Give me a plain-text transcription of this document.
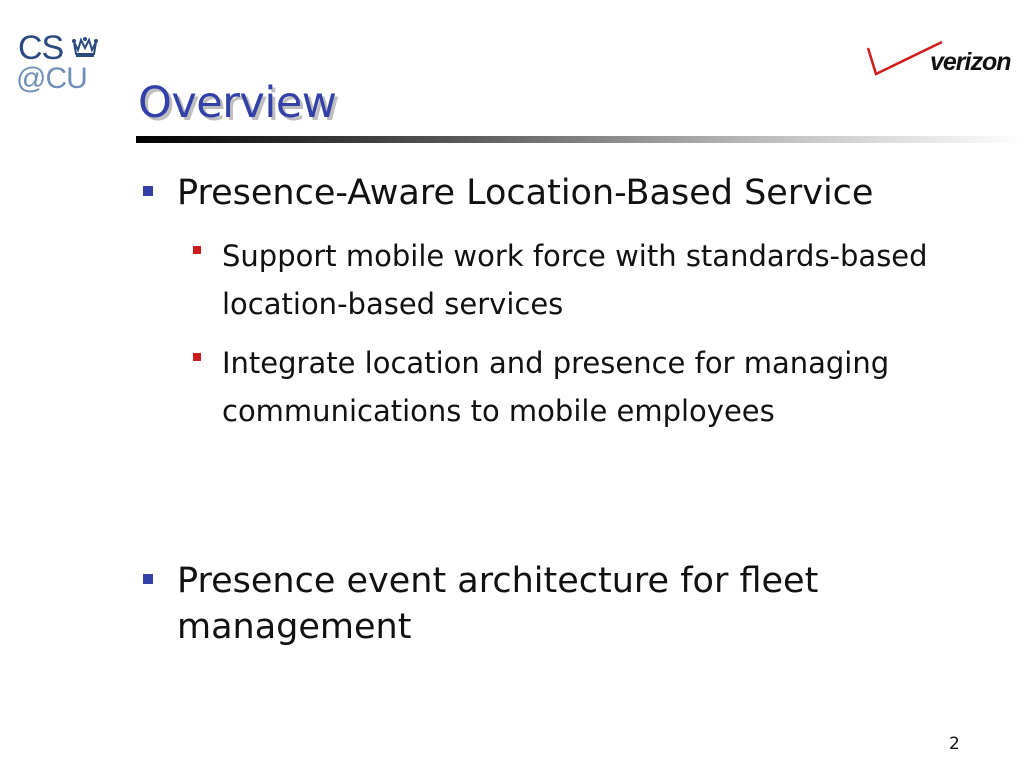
CS
@CU	verizon
Overview
Presence-Aware Location-Based Service
Support mobile work force with standards-based location-based services
Integrate location and presence for managing communications to mobile employees
Presence event architecture for fleet management
2
